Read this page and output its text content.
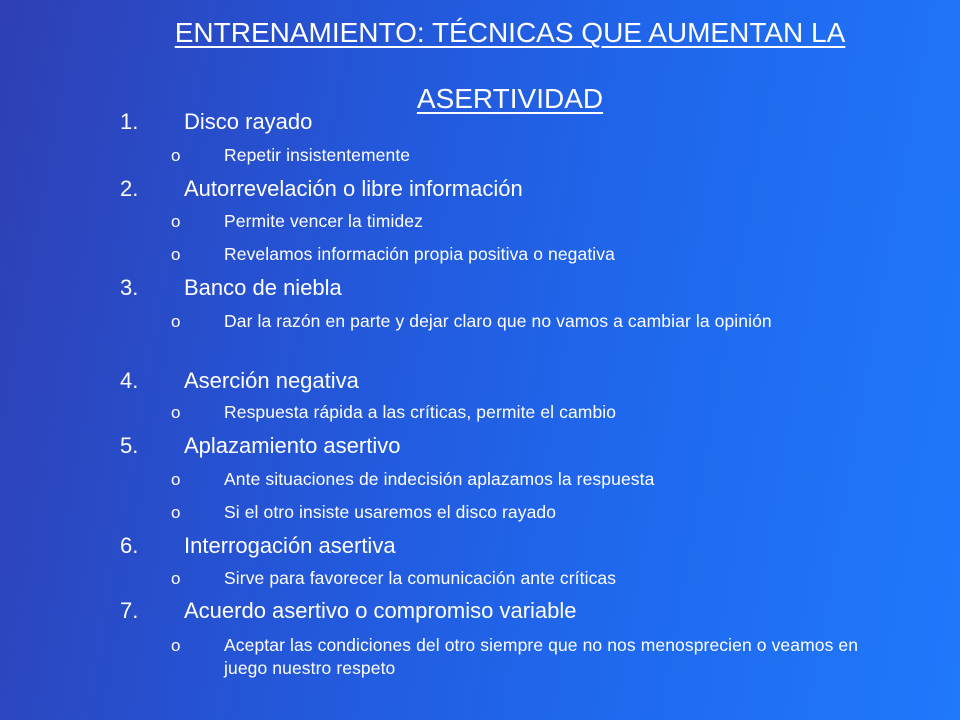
ENTRENAMIENTO: TÉCNICAS QUE AUMENTAN LA
ASERTIVIDAD
1. Disco rayado
o Repetir insistentemente
2. Autorrevelación o libre información
o Permite vencer la timidez
o Revelamos información propia positiva o negativa
3. Banco de niebla
o Dar la razón en parte y dejar claro que no vamos a cambiar la opinión
4. Aserción negativa
o Respuesta rápida a las críticas, permite el cambio
5. Aplazamiento asertivo
o Ante situaciones de indecisión aplazamos la respuesta
o Si el otro insiste usaremos el disco rayado
6. Interrogación asertiva
o Sirve para favorecer la comunicación ante críticas
7. Acuerdo asertivo o compromiso variable
o Aceptar las condiciones del otro siempre que no nos menosprecien o veamos en juego nuestro respeto
